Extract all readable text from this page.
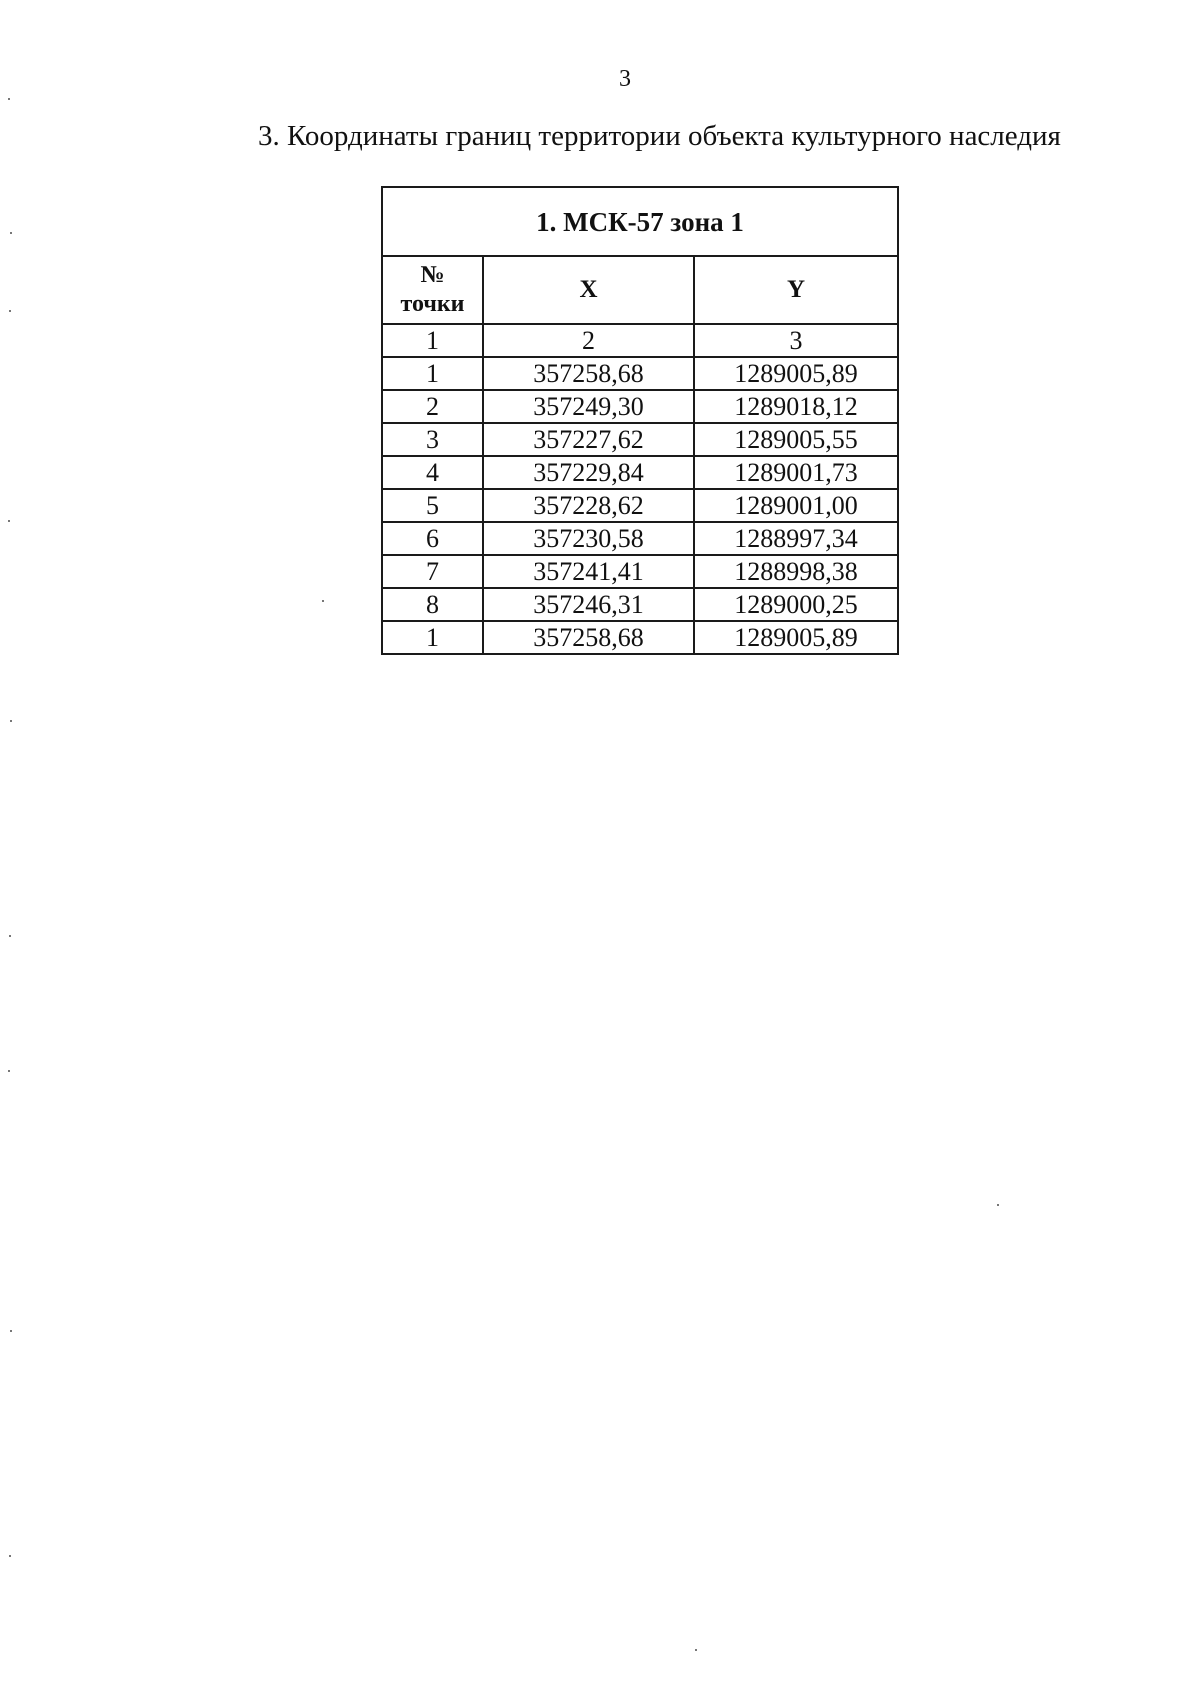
3
3. Координаты границ территории объекта культурного наследия
1. МСК-57 зона 1		

№
точки	X	Y
1	2	3
1	357258,68	1289005,89
2	357249,30	1289018,12
3	357227,62	1289005,55
4	357229,84	1289001,73
5	357228,62	1289001,00
6	357230,58	1288997,34
7	357241,41	1288998,38
8	357246,31	1289000,25
1	357258,68	1289005,89
